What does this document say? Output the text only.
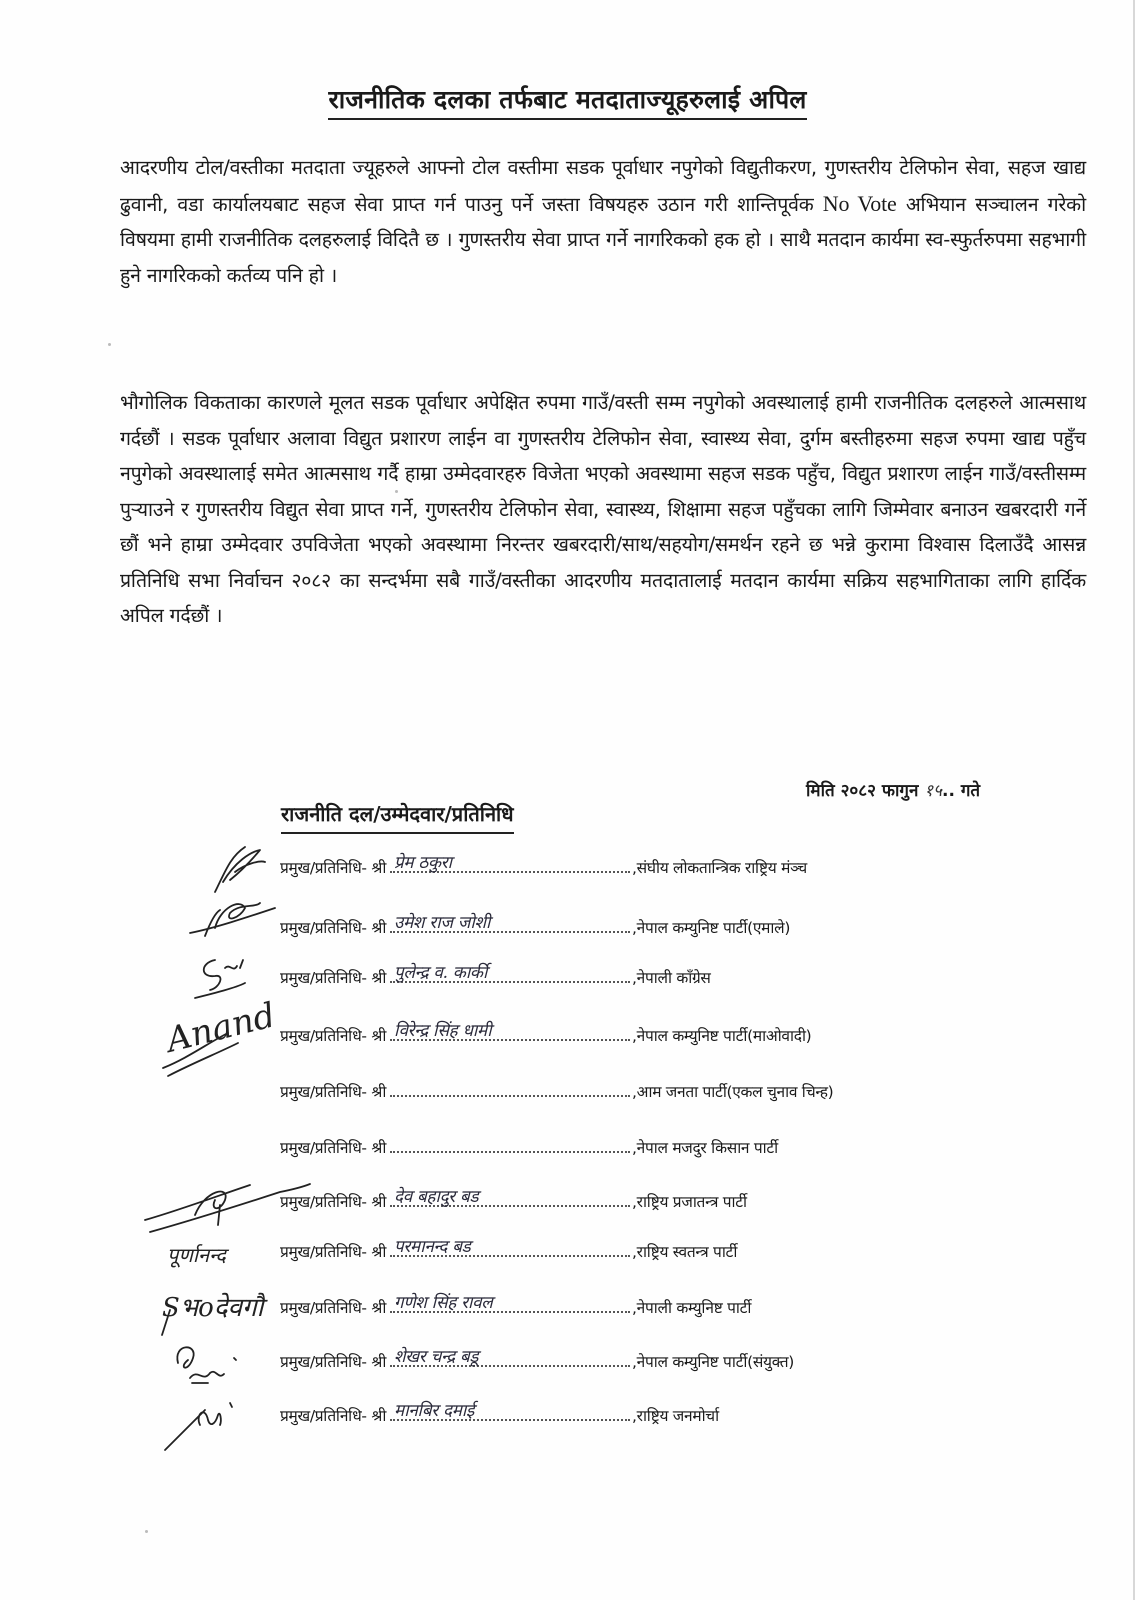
राजनीतिक दलका तर्फबाट मतदाताज्यूहरुलाई अपिल
आदरणीय टोल/वस्तीका मतदाता ज्यूहरुले आफ्नो टोल वस्तीमा सडक पूर्वाधार नपुगेको विद्युतीकरण, गुणस्तरीय टेलिफोन सेवा, सहज खाद्य ढुवानी, वडा कार्यालयबाट सहज सेवा प्राप्त गर्न पाउनु पर्ने जस्ता विषयहरु उठान गरी शान्तिपूर्वक No Vote अभियान सञ्चालन गरेको विषयमा हामी राजनीतिक दलहरुलाई विदितै छ । गुणस्तरीय सेवा प्राप्त गर्ने नागरिकको हक हो । साथै मतदान कार्यमा स्व-स्फुर्तरुपमा सहभागी हुने नागरिकको कर्तव्य पनि हो ।
भौगोलिक विकताका कारणले मूलत सडक पूर्वाधार अपेक्षित रुपमा गाउँ/वस्ती सम्म नपुगेको अवस्थालाई हामी राजनीतिक दलहरुले आत्मसाथ गर्दछौं । सडक पूर्वाधार अलावा विद्युत प्रशारण लाईन वा गुणस्तरीय टेलिफोन सेवा, स्वास्थ्य सेवा, दुर्गम बस्तीहरुमा सहज रुपमा खाद्य पहुँच नपुगेको अवस्थालाई समेत आत्मसाथ गर्दै हाम्रा उम्मेदवारहरु विजेता भएको अवस्थामा सहज सडक पहुँच, विद्युत प्रशारण लाईन गाउँ/वस्तीसम्म पुऱ्याउने र गुणस्तरीय विद्युत सेवा प्राप्त गर्ने, गुणस्तरीय टेलिफोन सेवा, स्वास्थ्य, शिक्षामा सहज पहुँचका लागि जिम्मेवार बनाउन खबरदारी गर्ने छौं भने हाम्रा उम्मेदवार उपविजेता भएको अवस्थामा निरन्तर खबरदारी/साथ/सहयोग/समर्थन रहने छ भन्ने कुरामा विश्वास दिलाउँदै आसन्न प्रतिनिधि सभा निर्वाचन २०८२ का सन्दर्भमा सबै गाउँ/वस्तीका आदरणीय मतदातालाई मतदान कार्यमा सक्रिय सहभागिताका लागि हार्दिक अपिल गर्दछौं ।
मिति २०८२ फागुन १५.. गते
राजनीति दल/उम्मेदवार/प्रतिनिधि
प्रमुख/प्रतिनिधि- श्री प्रेम ठकुरा	,संघीय लोकतान्त्रिक राष्ट्रिय मंञ्च
प्रमुख/प्रतिनिधि- श्री उमेश राज जोशी	,नेपाल कम्युनिष्ट पार्टी(एमाले)
प्रमुख/प्रतिनिधि- श्री पुलेन्द्र व. कार्की	,नेपाली काँग्रेस
प्रमुख/प्रतिनिधि- श्री विरेन्द्र सिंह धामी	,नेपाल कम्युनिष्ट पार्टी(माओवादी)
प्रमुख/प्रतिनिधि- श्री	,आम जनता पार्टी(एकल चुनाव चिन्ह)
प्रमुख/प्रतिनिधि- श्री	,नेपाल मजदुर किसान पार्टी
प्रमुख/प्रतिनिधि- श्री देव बहादुर बड	,राष्ट्रिय प्रजातन्त्र पार्टी
प्रमुख/प्रतिनिधि- श्री परमानन्द बड	,राष्ट्रिय स्वतन्त्र पार्टी
प्रमुख/प्रतिनिधि- श्री गणेश सिंह रावल	,नेपाली कम्युनिष्ट पार्टी
प्रमुख/प्रतिनिधि- श्री शेखर चन्द्र बडू	,नेपाल कम्युनिष्ट पार्टी(संयुक्त)
प्रमुख/प्रतिनिधि- श्री मानबिर दमाई	,राष्ट्रिय जनमोर्चा
Anand
पूर्णानन्द
Sभoदेवगौ
